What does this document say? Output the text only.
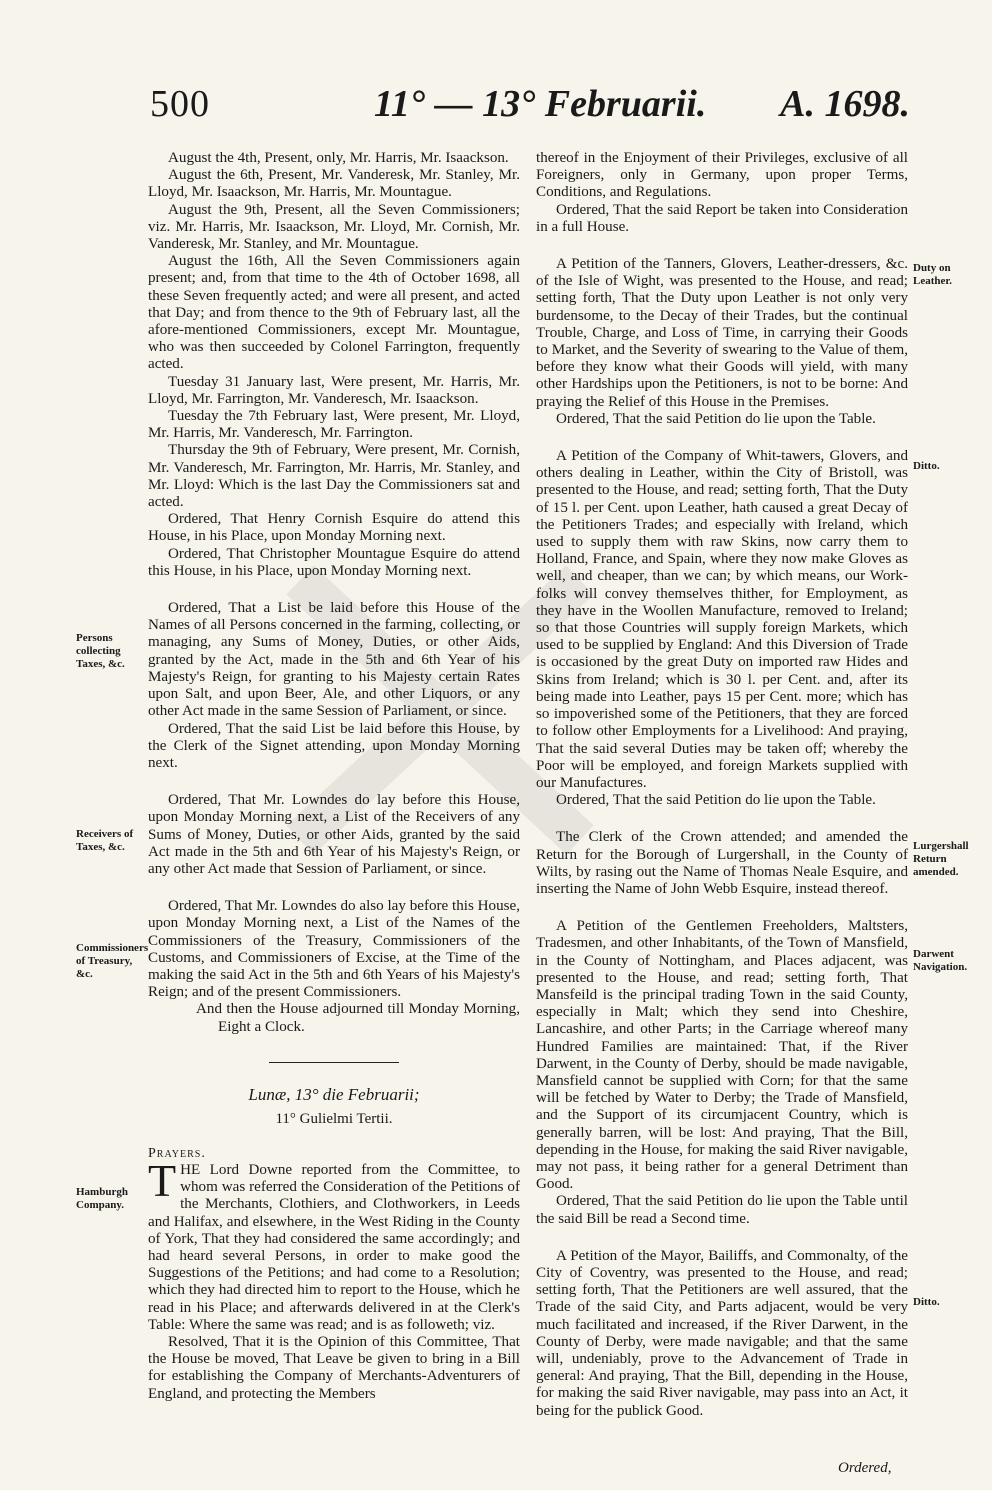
500	11° — 13° Februarii. A. 1698.

August the 4th, Present, only, Mr. Harris, Mr. Isaackson.

August the 6th, Present, Mr. Vanderesk, Mr. Stanley, Mr. Lloyd, Mr. Isaackson, Mr. Harris, Mr. Mountague.

August the 9th, Present, all the Seven Commissioners; viz. Mr. Harris, Mr. Isaackson, Mr. Lloyd, Mr. Cornish, Mr. Vanderesk, Mr. Stanley, and Mr. Mountague.

August the 16th, All the Seven Commissioners again present; and, from that time to the 4th of October 1698, all these Seven frequently acted; and were all present, and acted that Day; and from thence to the 9th of February last, all the afore-mentioned Commissioners, except Mr. Mountague, who was then succeeded by Colonel Farrington, frequently acted.

Tuesday 31 January last, Were present, Mr. Harris, Mr. Lloyd, Mr. Farrington, Mr. Vanderesch, Mr. Isaackson.

Tuesday the 7th February last, Were present, Mr. Lloyd, Mr. Harris, Mr. Vanderesch, Mr. Farrington.

Thursday the 9th of February, Were present, Mr. Cornish, Mr. Vanderesch, Mr. Farrington, Mr. Harris, Mr. Stanley, and Mr. Lloyd: Which is the last Day the Commissioners sat and acted.

Ordered, That Henry Cornish Esquire do attend this House, in his Place, upon Monday Morning next.

Ordered, That Christopher Mountague Esquire do attend this House, in his Place, upon Monday Morning next.

Ordered, That a List be laid before this House of the Names of all Persons concerned in the farming, collecting, or managing, any Sums of Money, Duties, or other Aids, granted by the Act, made in the 5th and 6th Year of his Majesty's Reign, for granting to his Majesty certain Rates upon Salt, and upon Beer, Ale, and other Liquors, or any other Act made in the same Session of Parliament, or since.

Ordered, That the said List be laid before this House, by the Clerk of the Signet attending, upon Monday Morning next.

Ordered, That Mr. Lowndes do lay before this House, upon Monday Morning next, a List of the Receivers of any Sums of Money, Duties, or other Aids, granted by the said Act made in the 5th and 6th Year of his Majesty's Reign, or any other Act made that Session of Parliament, or since.

Ordered, That Mr. Lowndes do also lay before this House, upon Monday Morning next, a List of the Names of the Commissioners of the Treasury, Commissioners of the Customs, and Commissioners of Excise, at the Time of the making the said Act in the 5th and 6th Years of his Majesty's Reign; and of the present Commissioners.

And then the House adjourned till Monday Morning, Eight a Clock.

Lunæ, 13° die Februarii;

11° Gulielmi Tertii.

Prayers.

THE Lord Downe reported from the Committee, to whom was referred the Consideration of the Petitions of the Merchants, Clothiers, and Clothworkers, in Leeds and Halifax, and elsewhere, in the West Riding in the County of York, That they had considered the same accordingly; and had heard several Persons, in order to make good the Suggestions of the Petitions; and had come to a Resolution; which they had directed him to report to the House, which he read in his Place; and afterwards delivered in at the Clerk's Table: Where the same was read; and is as followeth; viz.

Resolved, That it is the Opinion of this Committee, That the House be moved, That Leave be given to bring in a Bill for establishing the Company of Merchants-Adventurers of England, and protecting the Members

Persons collecting Taxes, &c.
Receivers of Taxes, &c.
Commissioners of Treasury, &c.
Hamburgh Company.

thereof in the Enjoyment of their Privileges, exclusive of all Foreigners, only in Germany, upon proper Terms, Conditions, and Regulations.

Ordered, That the said Report be taken into Consideration in a full House.

A Petition of the Tanners, Glovers, Leather-dressers, &c. of the Isle of Wight, was presented to the House, and read; setting forth, That the Duty upon Leather is not only very burdensome, to the Decay of their Trades, but the continual Trouble, Charge, and Loss of Time, in carrying their Goods to Market, and the Severity of swearing to the Value of them, before they know what their Goods will yield, with many other Hardships upon the Petitioners, is not to be borne: And praying the Relief of this House in the Premises.

Ordered, That the said Petition do lie upon the Table.

A Petition of the Company of Whit-tawers, Glovers, and others dealing in Leather, within the City of Bristoll, was presented to the House, and read; setting forth, That the Duty of 15 l. per Cent. upon Leather, hath caused a great Decay of the Petitioners Trades; and especially with Ireland, which used to supply them with raw Skins, now carry them to Holland, France, and Spain, where they now make Gloves as well, and cheaper, than we can; by which means, our Work-folks will convey themselves thither, for Employment, as they have in the Woollen Manufacture, removed to Ireland; so that those Countries will supply foreign Markets, which used to be supplied by England: And this Diversion of Trade is occasioned by the great Duty on imported raw Hides and Skins from Ireland; which is 30 l. per Cent. and, after its being made into Leather, pays 15 per Cent. more; which has so impoverished some of the Petitioners, that they are forced to follow other Employments for a Livelihood: And praying, That the said several Duties may be taken off; whereby the Poor will be employed, and foreign Markets supplied with our Manufactures.

Ordered, That the said Petition do lie upon the Table.

The Clerk of the Crown attended; and amended the Return for the Borough of Lurgershall, in the County of Wilts, by rasing out the Name of Thomas Neale Esquire, and inserting the Name of John Webb Esquire, instead thereof.

A Petition of the Gentlemen Freeholders, Maltsters, Tradesmen, and other Inhabitants, of the Town of Mansfield, in the County of Nottingham, and Places adjacent, was presented to the House, and read; setting forth, That Mansfeild is the principal trading Town in the said County, especially in Malt; which they send into Cheshire, Lancashire, and other Parts; in the Carriage whereof many Hundred Families are maintained: That, if the River Darwent, in the County of Derby, should be made navigable, Mansfield cannot be supplied with Corn; for that the same will be fetched by Water to Derby; the Trade of Mansfield, and the Support of its circumjacent Country, which is generally barren, will be lost: And praying, That the Bill, depending in the House, for making the said River navigable, may not pass, it being rather for a general Detriment than Good.

Ordered, That the said Petition do lie upon the Table until the said Bill be read a Second time.

A Petition of the Mayor, Bailiffs, and Commonalty, of the City of Coventry, was presented to the House, and read; setting forth, That the Petitioners are well assured, that the Trade of the said City, and Parts adjacent, would be very much facilitated and increased, if the River Darwent, in the County of Derby, were made navigable; and that the same will, undeniably, prove to the Advancement of Trade in general: And praying, That the Bill, depending in the House, for making the said River navigable, may pass into an Act, it being for the publick Good.

Duty on Leather.
Ditto.
Lurgershall Return amended.
Darwent Navigation.
Ditto.
Ordered,
